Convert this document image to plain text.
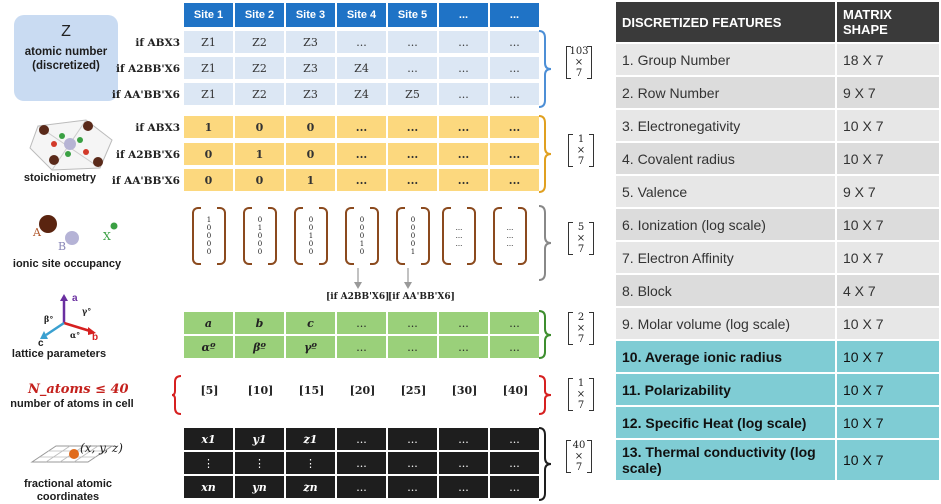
Site 1	Site 2	Site 3	Site 4	Site 5	...	...
Z
atomic number (discretized)
if ABX3
if A2BB'X6
if AA'BB'X6
Z1	Z2	Z3	...	...	...	...
Z1	Z2	Z3	Z4	...	...	...
Z1	Z2	Z3	Z4	Z5	...	...
103
×
7
stoichiometry
if ABX3
if A2BB'X6
if AA'BB'X6
1	0	0	...	...	...	...
0	1	0	...	...	...	...
0	0	1	...	...	...	...
1
×
7
A
B
X
ionic site occupancy
1
0
0
0
0
0
1
0
0
0
0
0
1
0
0
0
0
0
1
0
0
0
0
0
1
...
...
...
...
...
...
[if A2BB'X6]
[if AA'BB'X6]
5
×
7
a
b
c
α°
β°
γ°
lattice parameters
a	b	c	...	...	...	...
αº	βº	γº	...	...	...	...
2
×
7
N_atoms ≤ 40
number of atoms in cell
[5]	[10]	[15]	[20]	[25]	[30]	[40]
1
×
7
(x, y, z)
fractional atomic coordinates
x1	y1	z1	...	...	...	...
⋮	⋮	⋮	...	...	...	...
xn	yn	zn	...	...	...	...
40
×
7
DISCRETIZED FEATURES	MATRIX SHAPE
1. Group Number	18 X 7
2. Row Number	9 X 7
3. Electronegativity	10 X 7
4. Covalent radius	10 X 7
5. Valence	9 X 7
6. Ionization (log scale)	10 X 7
7. Electron Affinity	10 X 7
8. Block	4 X 7
9. Molar volume (log scale)	10 X 7
10. Average ionic radius	10 X 7
11. Polarizability	10 X 7
12. Specific Heat (log scale)	10 X 7
13. Thermal conductivity (log scale)	10 X 7
